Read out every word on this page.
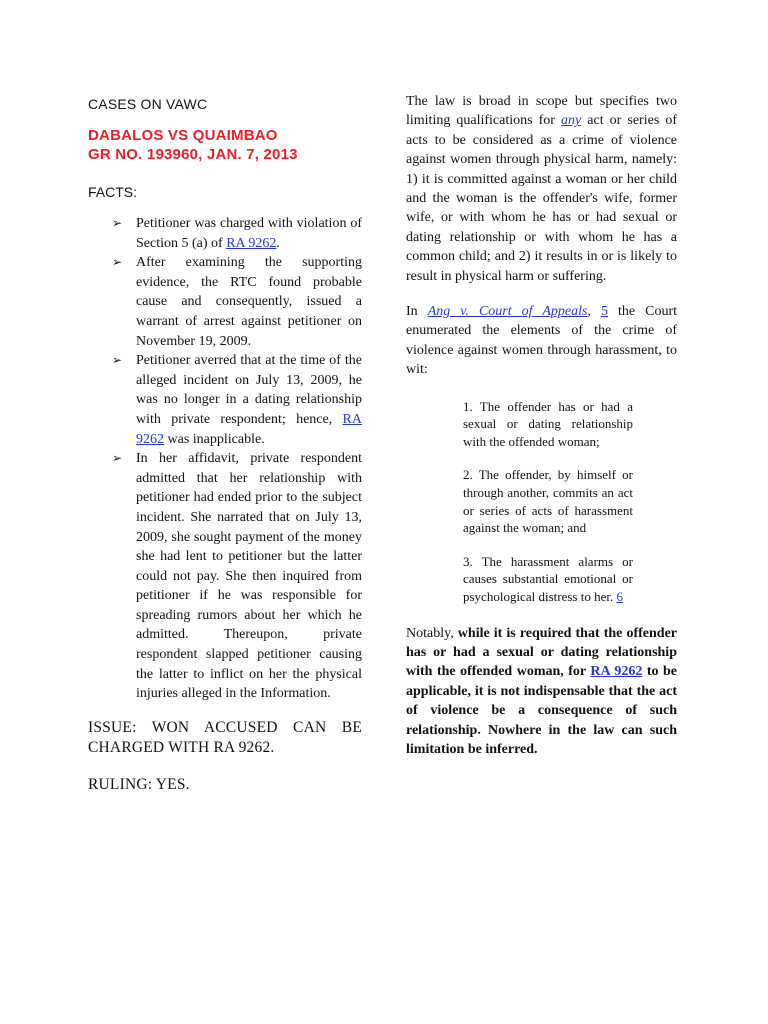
CASES ON VAWC
DABALOS VS QUAIMBAO
GR NO. 193960, JAN. 7, 2013
FACTS:
➢ Petitioner was charged with violation of Section 5 (a) of RA 9262.
➢ After examining the supporting evidence, the RTC found probable cause and consequently, issued a warrant of arrest against petitioner on November 19, 2009.
➢ Petitioner averred that at the time of the alleged incident on July 13, 2009, he was no longer in a dating relationship with private respondent; hence, RA 9262 was inapplicable.
➢ In her affidavit, private respondent admitted that her relationship with petitioner had ended prior to the subject incident. She narrated that on July 13, 2009, she sought payment of the money she had lent to petitioner but the latter could not pay. She then inquired from petitioner if he was responsible for spreading rumors about her which he admitted. Thereupon, private respondent slapped petitioner causing the latter to inflict on her the physical injuries alleged in the Information.
ISSUE: WON ACCUSED CAN BE CHARGED WITH RA 9262.
RULING: YES.

The law is broad in scope but specifies two limiting qualifications for any act or series of acts to be considered as a crime of violence against women through physical harm, namely: 1) it is committed against a woman or her child and the woman is the offender's wife, former wife, or with whom he has or had sexual or dating relationship or with whom he has a common child; and 2) it results in or is likely to result in physical harm or suffering.

In Ang v. Court of Appeals, 5 the Court enumerated the elements of the crime of violence against women through harassment, to wit:

1. The offender has or had a sexual or dating relationship with the offended woman;

2. The offender, by himself or through another, commits an act or series of acts of harassment against the woman; and

3. The harassment alarms or causes substantial emotional or psychological distress to her. 6

Notably, while it is required that the offender has or had a sexual or dating relationship with the offended woman, for RA 9262 to be applicable, it is not indispensable that the act of violence be a consequence of such relationship. Nowhere in the law can such limitation be inferred.
